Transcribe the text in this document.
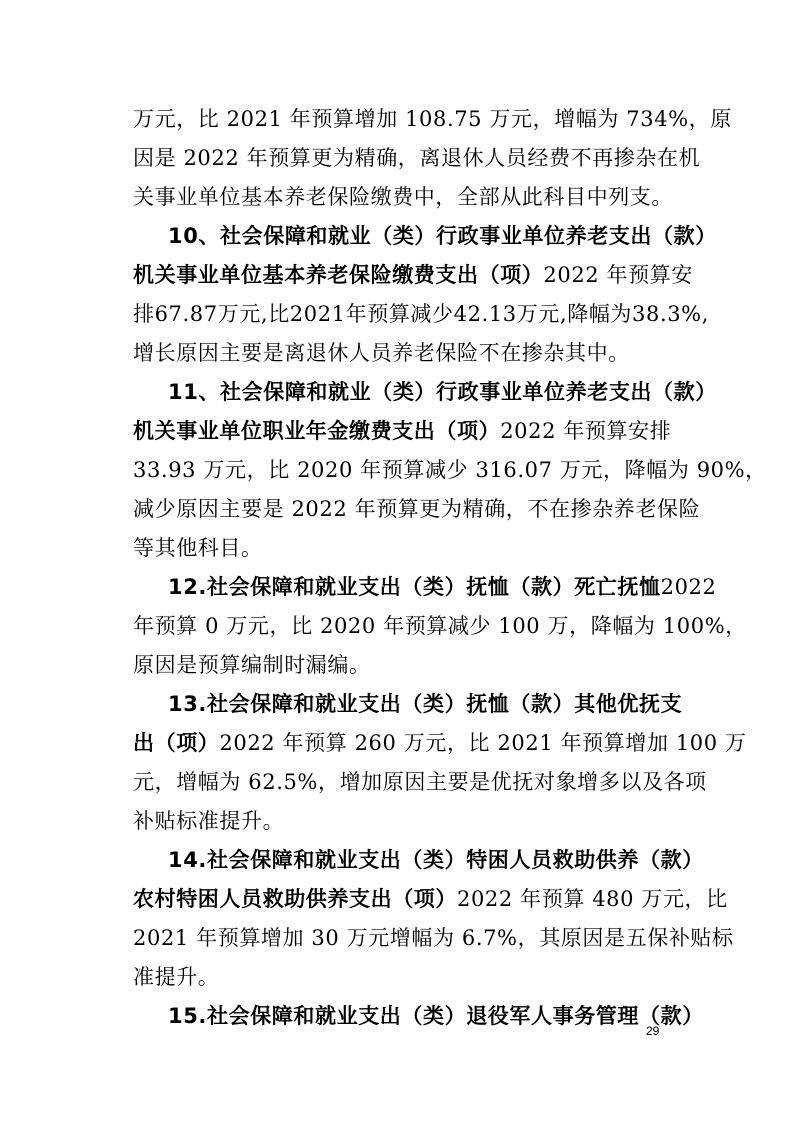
万元，比 2021 年预算增加 108.75 万元，增幅为 734%，原
因是 2022 年预算更为精确，离退休人员经费不再掺杂在机
关事业单位基本养老保险缴费中，全部从此科目中列支。
10、社会保障和就业（类）行政事业单位养老支出（款）
机关事业单位基本养老保险缴费支出（项）2022 年预算安
排67.87万元,比2021年预算减少42.13万元,降幅为38.3%,
增长原因主要是离退休人员养老保险不在掺杂其中。
11、社会保障和就业（类）行政事业单位养老支出（款）
机关事业单位职业年金缴费支出（项）2022 年预算安排
33.93 万元，比 2020 年预算减少 316.07 万元，降幅为 90%，
减少原因主要是 2022 年预算更为精确，不在掺杂养老保险
等其他科目。
12.社会保障和就业支出（类）抚恤（款）死亡抚恤2022
年预算 0 万元，比 2020 年预算减少 100 万，降幅为 100%，
原因是预算编制时漏编。
13.社会保障和就业支出（类）抚恤（款）其他优抚支
出（项）2022 年预算 260 万元，比 2021 年预算增加 100 万
元，增幅为 62.5%，增加原因主要是优抚对象增多以及各项
补贴标准提升。
14.社会保障和就业支出（类）特困人员救助供养（款）
农村特困人员救助供养支出（项）2022 年预算 480 万元，比
2021 年预算增加 30 万元增幅为 6.7%，其原因是五保补贴标
准提升。
15.社会保障和就业支出（类）退役军人事务管理（款）
29
